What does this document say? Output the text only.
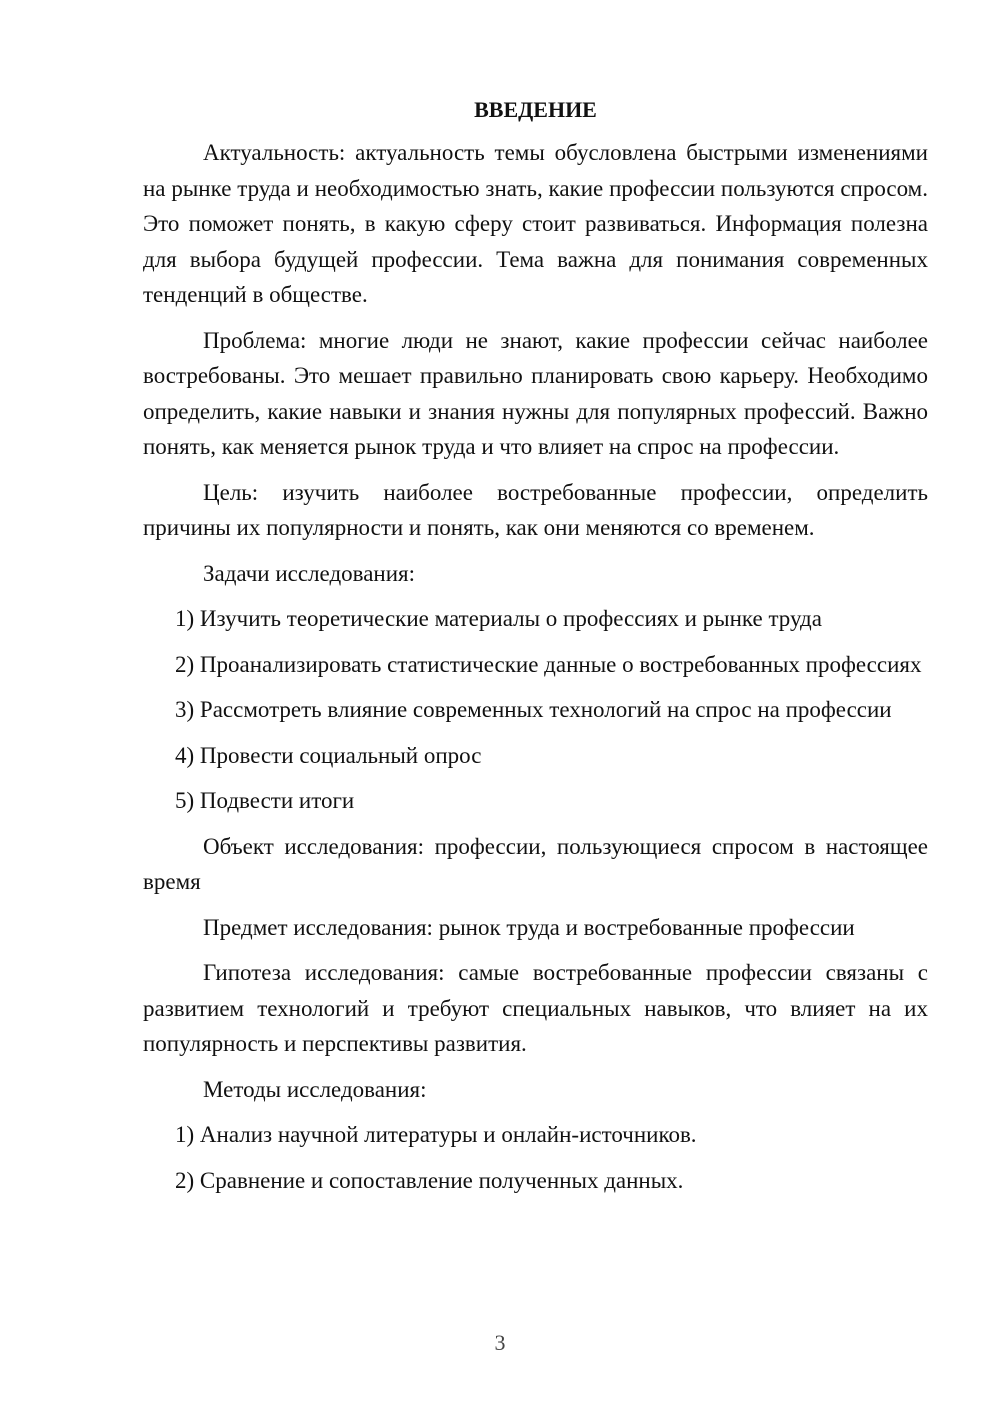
ВВЕДЕНИЕ

Актуальность: актуальность темы обусловлена быстрыми изменениями на рынке труда и необходимостью знать, какие профессии пользуются спросом. Это поможет понять, в какую сферу стоит развиваться. Информация полезна для выбора будущей профессии. Тема важна для понимания современных тенденций в обществе.

Проблема: многие люди не знают, какие профессии сейчас наиболее востребованы. Это мешает правильно планировать свою карьеру. Необходимо определить, какие навыки и знания нужны для популярных профессий. Важно понять, как меняется рынок труда и что влияет на спрос на профессии.

Цель: изучить наиболее востребованные профессии, определить причины их популярности и понять, как они меняются со временем.

Задачи исследования:

1) Изучить теоретические материалы о профессиях и рынке труда

2) Проанализировать статистические данные о востребованных профессиях

3) Рассмотреть влияние современных технологий на спрос на профессии

4) Провести социальный опрос

5) Подвести итоги

Объект исследования: профессии, пользующиеся спросом в настоящее время

Предмет исследования: рынок труда и востребованные профессии

Гипотеза исследования: самые востребованные профессии связаны с развитием технологий и требуют специальных навыков, что влияет на их популярность и перспективы развития.

Методы исследования:

1) Анализ научной литературы и онлайн-источников.

2) Сравнение и сопоставление полученных данных.

3
